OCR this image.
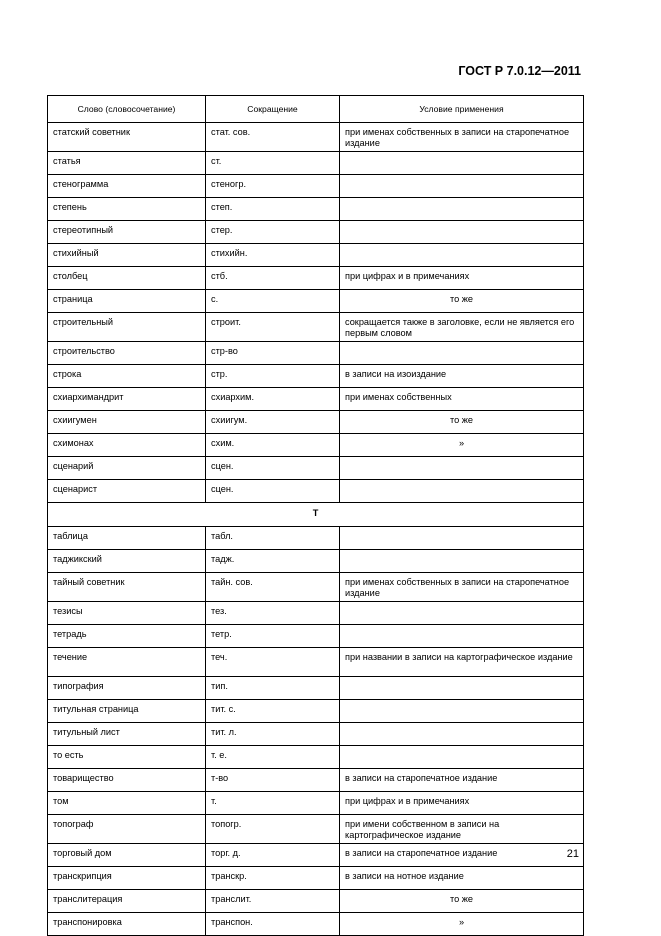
ГОСТ Р 7.0.12—2011
Слово (словосочетание)	Сокращение	Условие применения
статский советник	стат. сов.	при именах собственных в записи на старопечатное издание
статья	ст.	
стенограмма	стеногр.	
степень	степ.	
стереотипный	стер.	
стихийный	стихийн.	
столбец	стб.	при цифрах и в примечаниях
страница	с.	то же
строительный	строит.	сокращается также в заголовке, если не является его первым словом
строительство	стр-во	
строка	стр.	в записи на изоиздание
схиархимандрит	схиархим.	при именах собственных
схиигумен	схиигум.	то же
схимонах	схим.	»
сценарий	сцен.	
сценарист	сцен.	
Т		
таблица	табл.	
таджикский	тадж.	
тайный советник	тайн. сов.	при именах собственных в записи на старопечатное издание
тезисы	тез.	
тетрадь	тетр.	
течение	теч.	при названии в записи на картографическое издание
типография	тип.	
титульная страница	тит. с.	
титульный лист	тит. л.	
то есть	т. е.	
товарищество	т-во	в записи на старопечатное издание
том	т.	при цифрах и в примечаниях
топограф	топогр.	при имени собственном в записи на картографическое издание
торговый дом	торг. д.	в записи на старопечатное издание
транскрипция	транскр.	в записи на нотное издание
транслитерация	транслит.	то же
транспонировка	транспон.	»
21
